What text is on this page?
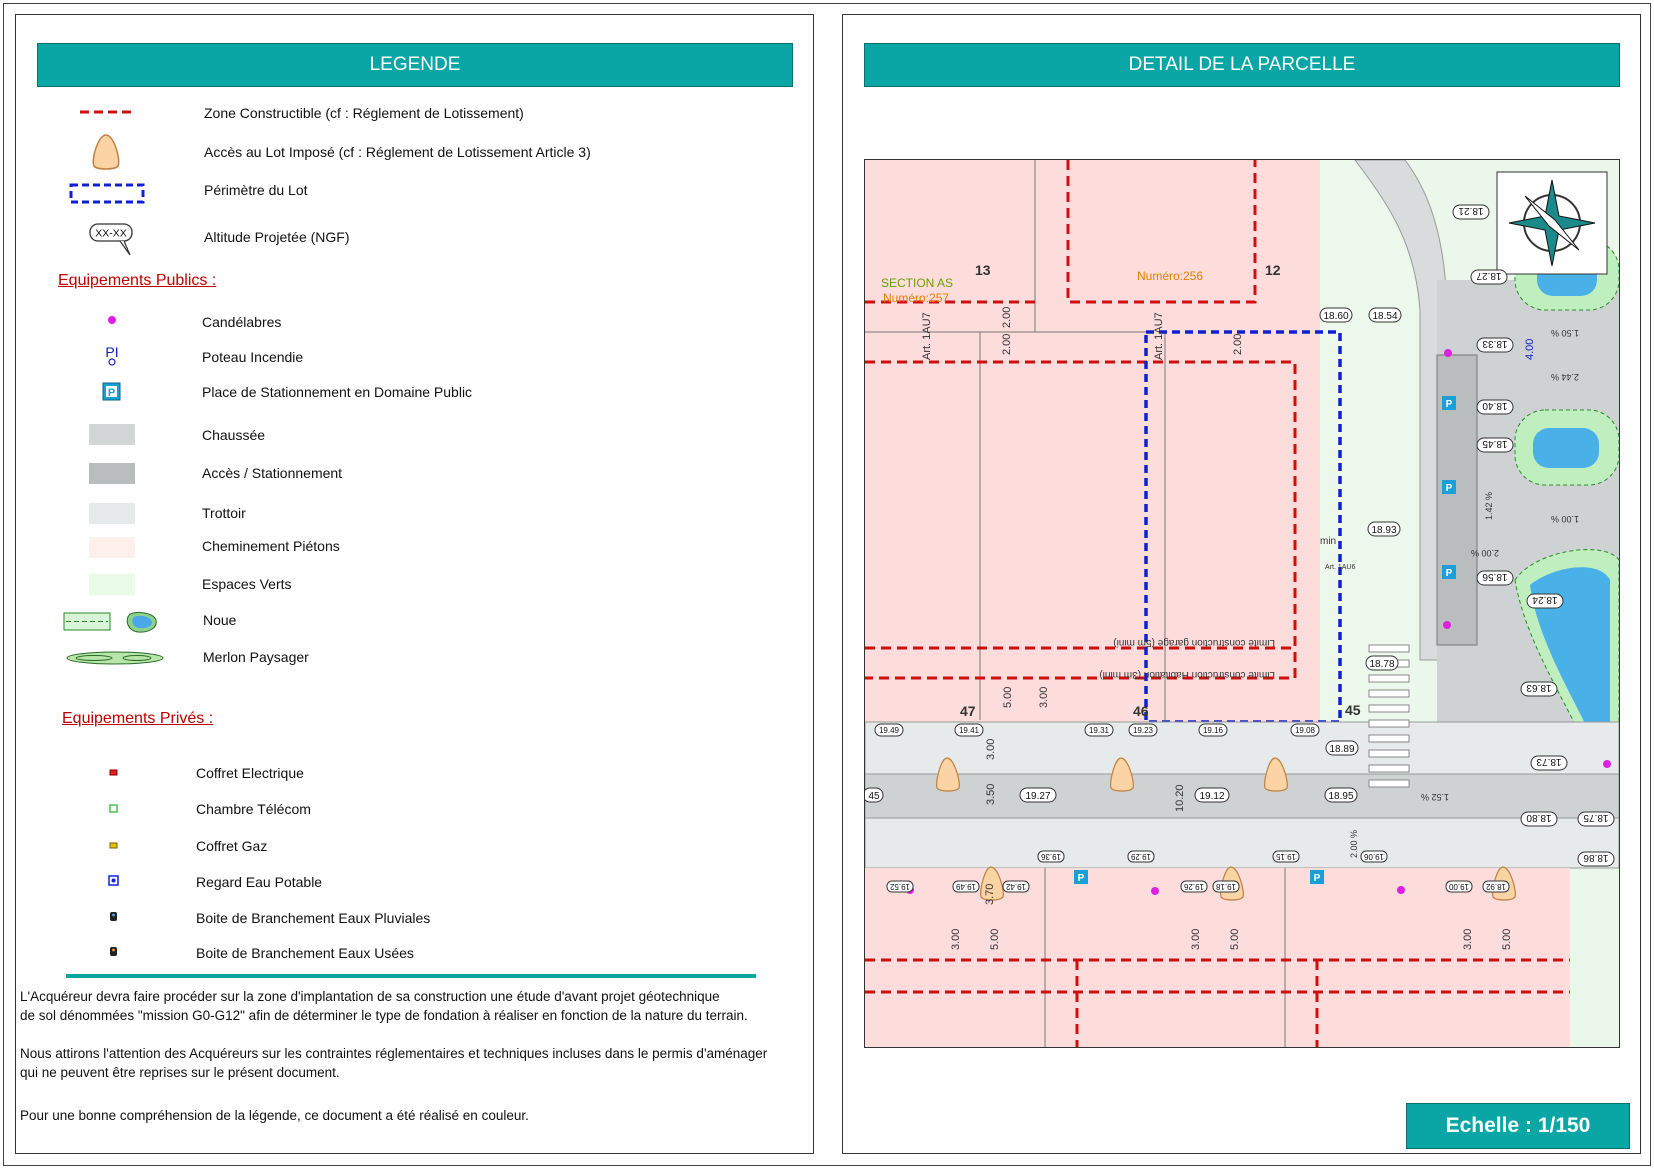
LEGENDE
Zone Constructible (cf : Réglement de Lotissement)
Accès au Lot Imposé (cf : Réglement de Lotissement Article 3)
Périmètre du Lot
XX-XX	Altitude Projetée (NGF)
Equipements Publics :
Candélabres
PI	Poteau Incendie
P	Place de Stationnement en Domaine Public
Chaussée
Accès / Stationnement
Trottoir
Cheminement Piétons
Espaces Verts
Noue
Merlon Paysager
Equipements Privés :
Coffret Electrique
Chambre Télécom
Coffret Gaz
Regard Eau Potable
Boite de Branchement Eaux Pluviales
Boite de Branchement Eaux Usées
L'Acquéreur devra faire procéder sur la zone d'implantation de sa construction une étude d'avant projet géotechnique
de sol dénommées "mission G0-G12" afin de déterminer le type de fondation à réaliser en fonction de la nature du terrain.
Nous attirons l'attention des Acquéreurs sur les contraintes réglementaires et techniques incluses dans le permis d'aménager
qui ne peuvent être reprises sur le présent document.
Pour une bonne compréhension de la légende, ce document a été réalisé en couleur.
DETAIL DE LA PARCELLE
P
P
P
P	P
SECTION AS
Numéro:257
Numéro:256
13	12
47	46	45
Art. 1AU7	Art. 1AU7
Art. 1AU6
min
2.00
2.00
2.00
5.00 3.00
3.00
3.50	10.20
3.70
3.00 5.00	3.00 5.00	3.00 5.00
4.00
Limite construction garage (5m mini)
Limite construction Habitation (3m mini)
18.60 18.54
18.93
18.78
18.89
18.95
19.49	19.41	19.31	19.23	19.16	19.08
19.27	19.12
45
19.52	19.49	19.42
19.36	19.29
19.26 19.18
19.15	19.06
19.00 18.92
18.21
18.27
18.33
18.40
18.45
18.56
18.24
18.63
18.73
18.80	18.75
18.86
1.50 %
2.44 %
1.42 %	1.00 %
2.00 %
2.00 %
1.52 %
Echelle : 1/150
